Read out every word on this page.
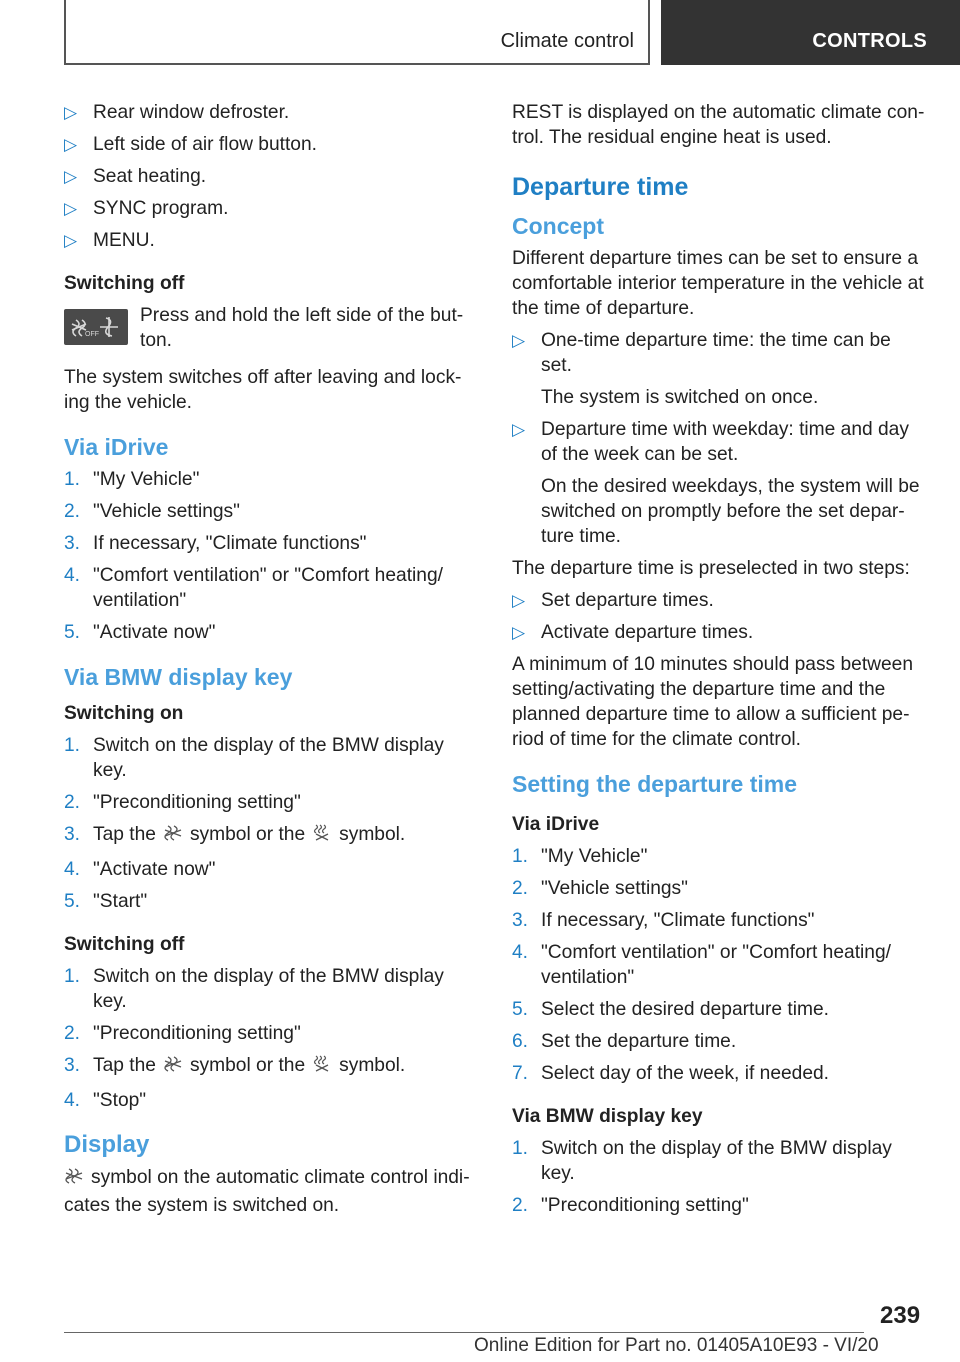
Climate control	CONTROLS
▷ Rear window defroster.
▷ Left side of air flow button.
▷ Seat heating.
▷ SYNC program.
▷ MENU.
Switching off
OFF
Press and hold the left side of the but‐ton.

The system switches off after leaving and lock‐ing the vehicle.

Via iDrive
1. "My Vehicle"
2. "Vehicle settings"
3. If necessary, "Climate functions"
4. "Comfort ventilation" or "Comfort heating/ ventilation"
5. "Activate now"
Via BMW display key
Switching on
1. Switch on the display of the BMW display key.
2. "Preconditioning setting"
3. Tap the symbol or the symbol.
4. "Activate now"
5. "Start"
Switching off
1. Switch on the display of the BMW display key.
2. "Preconditioning setting"
3. Tap the symbol or the symbol.
4. "Stop"
Display

symbol on the automatic climate control indi‐cates the system is switched on.

REST is displayed on the automatic climate con‐trol. The residual engine heat is used.

Departure time
Concept

Different departure times can be set to ensure a comfortable interior temperature in the vehicle at the time of departure.

▷ One-time departure time: the time can be set.
The system is switched on once.
▷ Departure time with weekday: time and day of the week can be set.
On the desired weekdays, the system will be switched on promptly before the set depar‐ture time.

The departure time is preselected in two steps:

▷ Set departure times.
▷ Activate departure times.

A minimum of 10 minutes should pass between setting/activating the departure time and the planned departure time to allow a sufficient pe‐riod of time for the climate control.

Setting the departure time
Via iDrive
1. "My Vehicle"
2. "Vehicle settings"
3. If necessary, "Climate functions"
4. "Comfort ventilation" or "Comfort heating/ ventilation"
5. Select the desired departure time.
6. Set the departure time.
7. Select day of the week, if needed.
Via BMW display key
1. Switch on the display of the BMW display key.
2. "Preconditioning setting"
239
Online Edition for Part no. 01405A10E93 - VI/20
